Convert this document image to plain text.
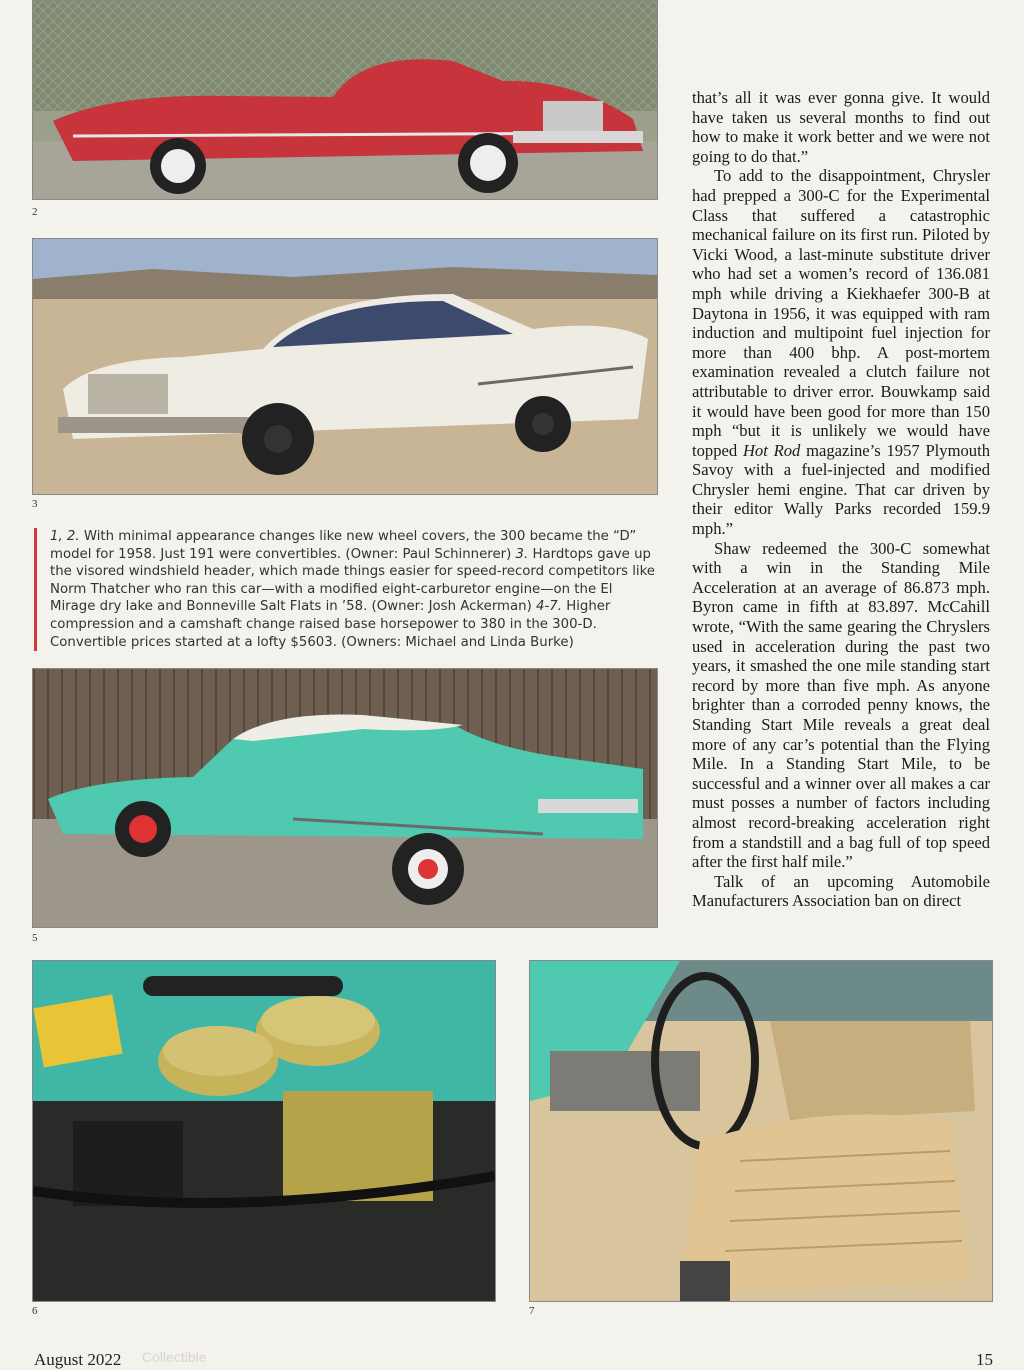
2
3
1, 2. With minimal appearance changes like new wheel covers, the 300 became the “D” model for 1958. Just 191 were convertibles. (Owner: Paul Schinnerer) 3. Hardtops gave up the visored windshield header, which made things easier for speed-record competitors like Norm Thatcher who ran this car—with a modified eight-carburetor engine—on the El Mirage dry lake and Bonneville Salt Flats in ’58. (Owner: Josh Ackerman) 4-7. Higher compression and a camshaft change raised base horsepower to 380 in the 300-D. Convertible prices started at a lofty $5603. (Owners: Michael and Linda Burke)
5
6	7

that’s all it was ever gonna give. It would have taken us several months to find out how to make it work better and we were not going to do that.”

To add to the disappointment, Chrysler had prepped a 300-C for the Experimental Class that suffered a catastrophic mechanical failure on its first run. Piloted by Vicki Wood, a last-minute substitute driver who had set a women’s record of 136.081 mph while driving a Kiekhaefer 300-B at Daytona in 1956, it was equipped with ram induction and multipoint fuel injection for more than 400 bhp. A post-mortem examination revealed a clutch failure not attributable to driver error. Bouwkamp said it would have been good for more than 150 mph “but it is unlikely we would have topped Hot Rod magazine’s 1957 Plymouth Savoy with a fuel-injected and modified Chrysler hemi engine. That car driven by their editor Wally Parks recorded 159.9 mph.”

Shaw redeemed the 300-C somewhat with a win in the Standing Mile Acceleration at an average of 86.873 mph. Byron came in fifth at 83.897. McCahill wrote, “With the same gearing the Chryslers used in acceleration during the past two years, it smashed the one mile standing start record by more than five mph. As anyone brighter than a corroded penny knows, the Standing Start Mile reveals a great deal more of any car’s potential than the Flying Mile. In a Standing Start Mile, to be successful and a winner over all makes a car must posses a number of factors including almost record-breaking acceleration right from a standstill and a bag full of top speed after the first half mile.”

Talk of an upcoming Automobile Manufacturers Association ban on direct

August 2022 Collectible	15
